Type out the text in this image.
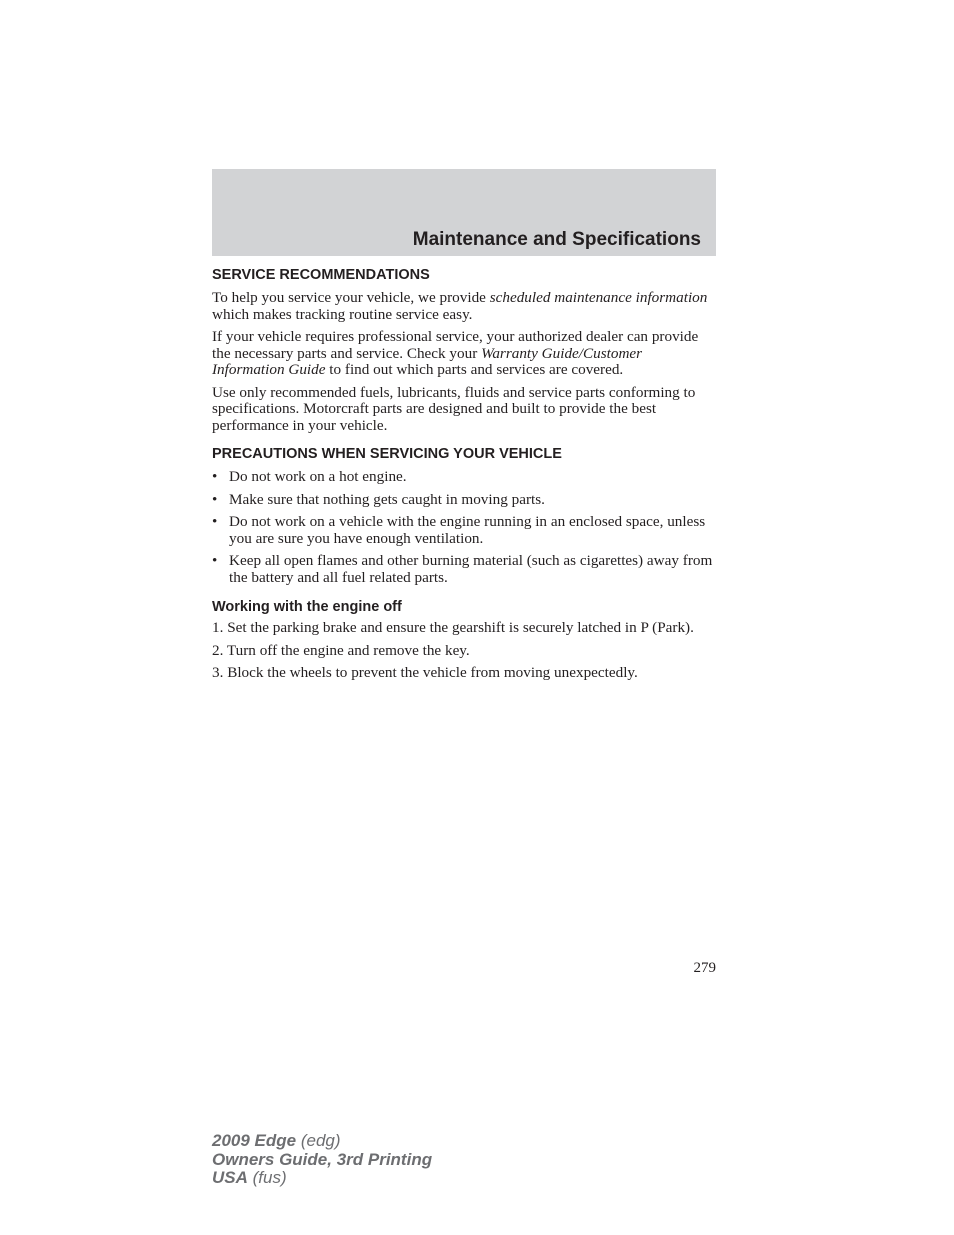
Maintenance and Specifications
SERVICE RECOMMENDATIONS

To help you service your vehicle, we provide scheduled maintenance information which makes tracking routine service easy.

If your vehicle requires professional service, your authorized dealer can provide the necessary parts and service. Check your Warranty Guide/Customer Information Guide to find out which parts and services are covered.

Use only recommended fuels, lubricants, fluids and service parts conforming to specifications. Motorcraft parts are designed and built to provide the best performance in your vehicle.

PRECAUTIONS WHEN SERVICING YOUR VEHICLE
• Do not work on a hot engine.
• Make sure that nothing gets caught in moving parts.
• Do not work on a vehicle with the engine running in an enclosed space, unless you are sure you have enough ventilation.
• Keep all open flames and other burning material (such as cigarettes) away from the battery and all fuel related parts.
Working with the engine off
1. Set the parking brake and ensure the gearshift is securely latched in P (Park).
2. Turn off the engine and remove the key.
3. Block the wheels to prevent the vehicle from moving unexpectedly.
279
2009 Edge (edg)
Owners Guide, 3rd Printing
USA (fus)
